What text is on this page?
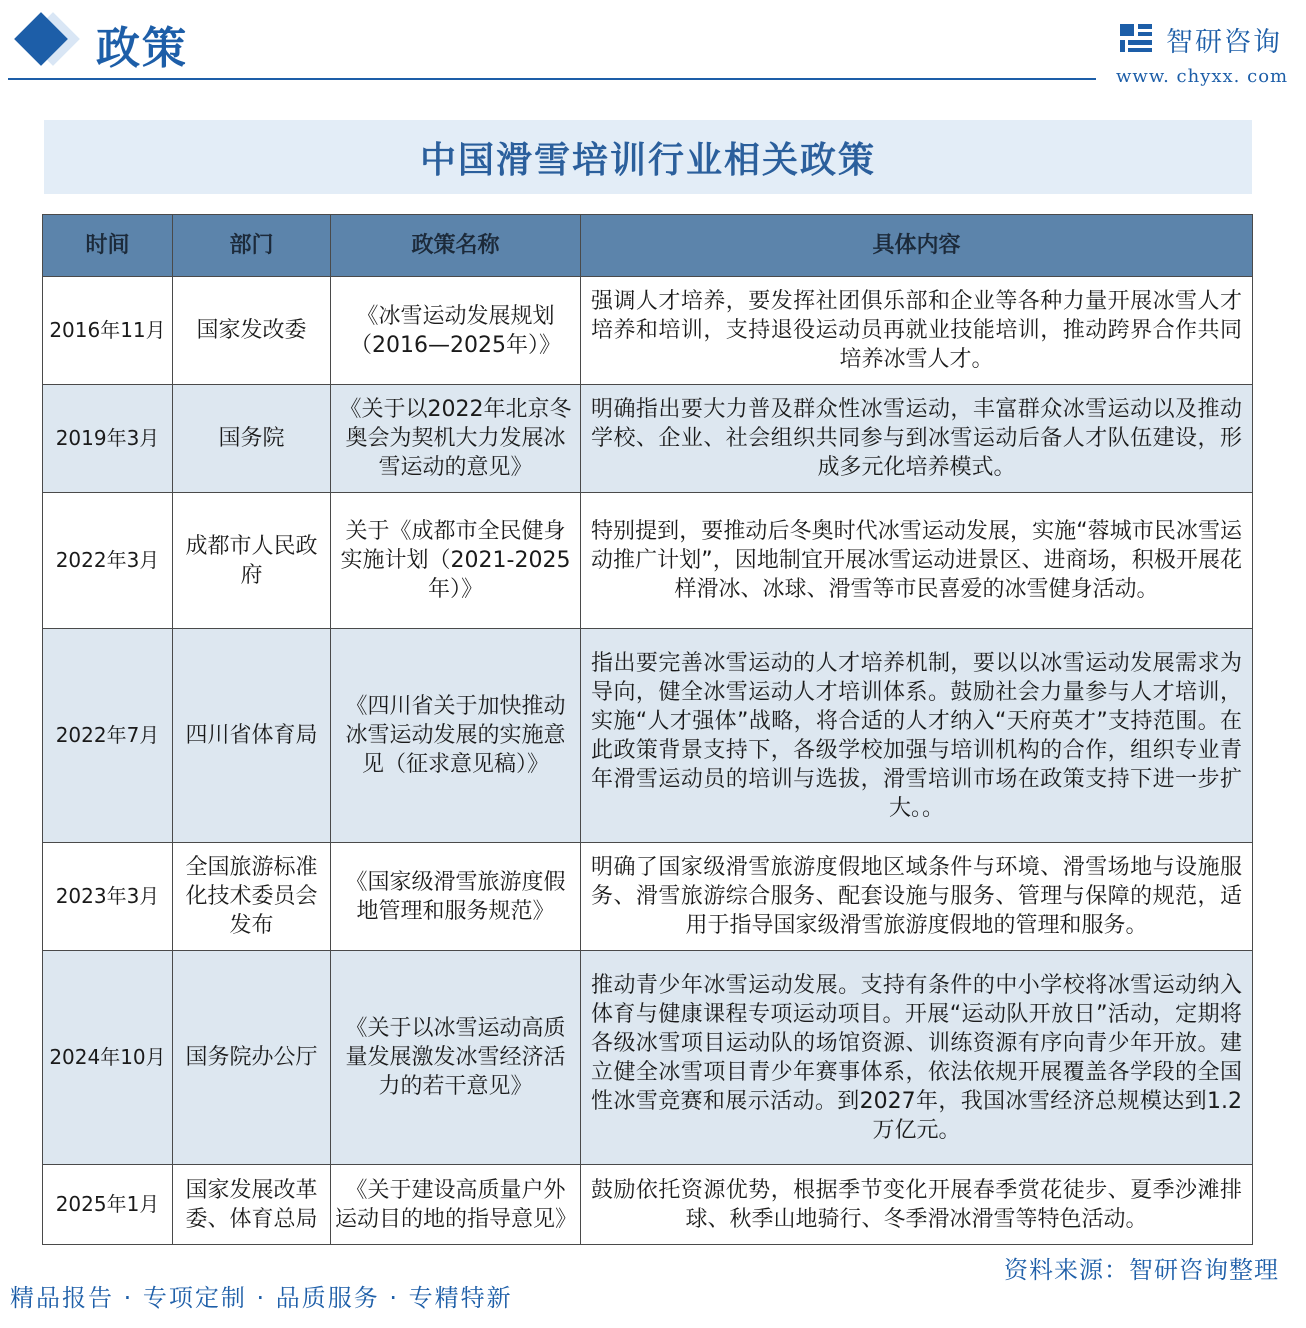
政策	智研咨询
www. chyxx. com
中国滑雪培训行业相关政策
时间	部门	政策名称	具体内容
2016年11月	国家发改委	《冰雪运动发展规划（2016—2025年）》	强调人才培养，要发挥社团俱乐部和企业等各种力量开展冰雪人才培养和培训，支持退役运动员再就业技能培训，推动跨界合作共同培养冰雪人才。
2019年3月	国务院	《关于以2022年北京冬奥会为契机大力发展冰雪运动的意见》	明确指出要大力普及群众性冰雪运动，丰富群众冰雪运动以及推动学校、企业、社会组织共同参与到冰雪运动后备人才队伍建设，形成多元化培养模式。
2022年3月	成都市人民政府	关于《成都市全民健身实施计划（2021-2025年）》	特别提到，要推动后冬奥时代冰雪运动发展，实施“蓉城市民冰雪运动推广计划”，因地制宜开展冰雪运动进景区、进商场，积极开展花样滑冰、冰球、滑雪等市民喜爱的冰雪健身活动。
2022年7月	四川省体育局	《四川省关于加快推动冰雪运动发展的实施意见（征求意见稿）》	指出要完善冰雪运动的人才培养机制，要以以冰雪运动发展需求为导向，健全冰雪运动人才培训体系。鼓励社会力量参与人才培训，实施“人才强体”战略，将合适的人才纳入“天府英才”支持范围。在此政策背景支持下，各级学校加强与培训机构的合作，组织专业青年滑雪运动员的培训与选拔，滑雪培训市场在政策支持下进一步扩大。。
2023年3月	全国旅游标准化技术委员会发布	《国家级滑雪旅游度假地管理和服务规范》	明确了国家级滑雪旅游度假地区域条件与环境、滑雪场地与设施服务、滑雪旅游综合服务、配套设施与服务、管理与保障的规范，适用于指导国家级滑雪旅游度假地的管理和服务。
2024年10月	国务院办公厅	《关于以冰雪运动高质量发展激发冰雪经济活力的若干意见》	推动青少年冰雪运动发展。支持有条件的中小学校将冰雪运动纳入体育与健康课程专项运动项目。开展“运动队开放日”活动，定期将各级冰雪项目运动队的场馆资源、训练资源有序向青少年开放。建立健全冰雪项目青少年赛事体系，依法依规开展覆盖各学段的全国性冰雪竞赛和展示活动。到2027年，我国冰雪经济总规模达到1.2万亿元。
2025年1月	国家发展改革委、体育总局	《关于建设高质量户外运动目的地的指导意见》	鼓励依托资源优势，根据季节变化开展春季赏花徒步、夏季沙滩排球、秋季山地骑行、冬季滑冰滑雪等特色活动。
精品报告 · 专项定制 · 品质服务 · 专精特新
资料来源：智研咨询整理
